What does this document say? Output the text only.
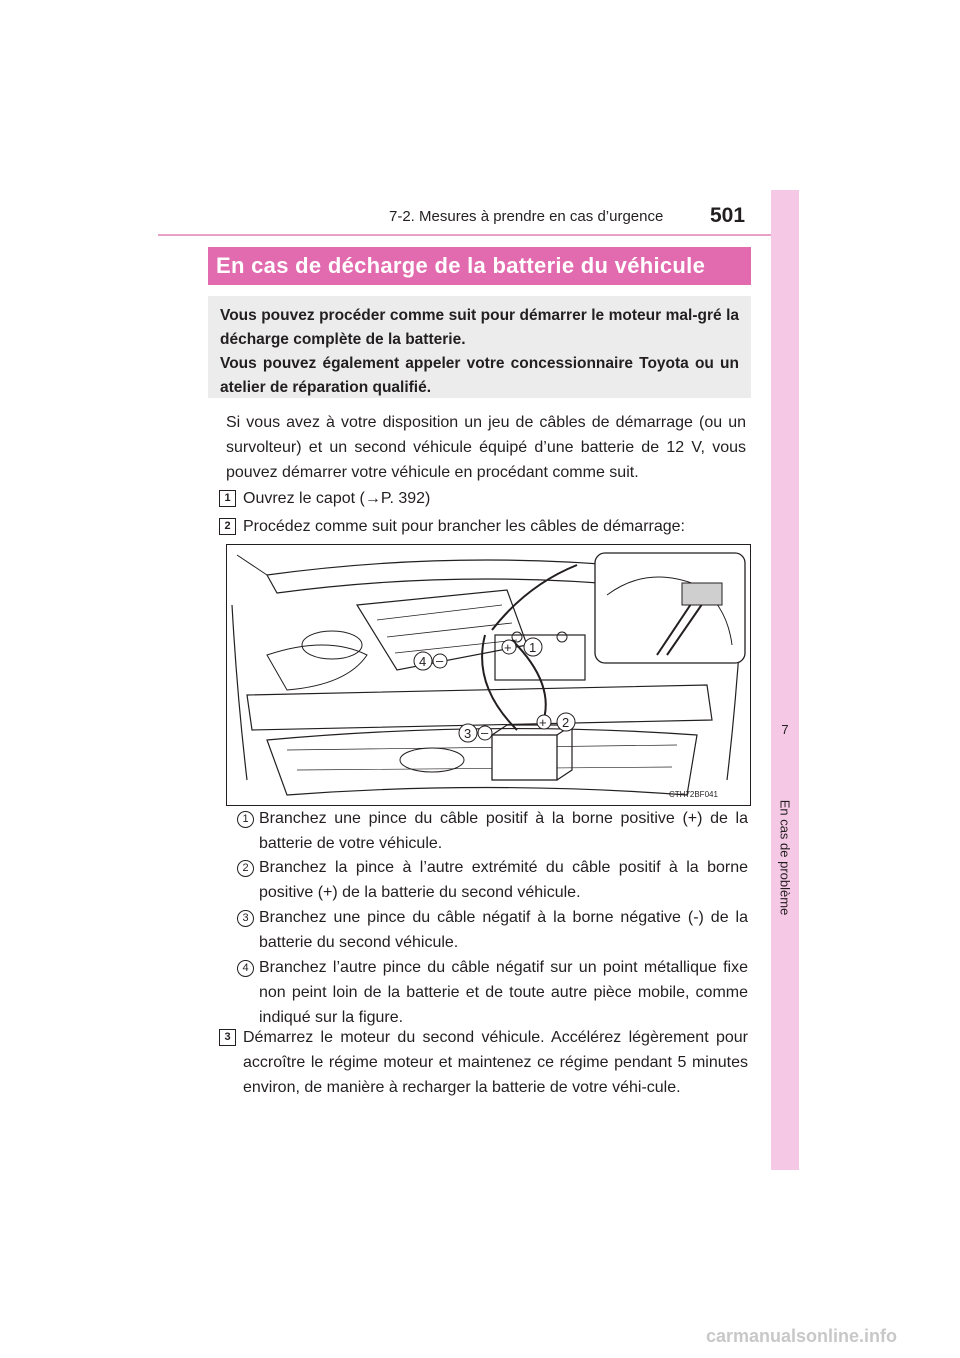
7-2. Mesures à prendre en cas d’urgence 501
7
En cas de problème
En cas de décharge de la batterie du véhicule

Vous pouvez procéder comme suit pour démarrer le moteur mal-gré la décharge complète de la batterie.

Vous pouvez également appeler votre concessionnaire Toyota ou un atelier de réparation qualifié.

Si vous avez à votre disposition un jeu de câbles de démarrage (ou un survolteur) et un second véhicule équipé d’une batterie de 12 V, vous pouvez démarrer votre véhicule en procédant comme suit.
1 Ouvrez le capot (→P. 392)
2 Procédez comme suit pour brancher les câbles de démarrage:
+ 1
–
4
+ 2
–
3
CTH72BF041
1 Branchez une pince du câble positif à la borne positive (+) de la batterie de votre véhicule.
2 Branchez la pince à l’autre extrémité du câble positif à la borne positive (+) de la batterie du second véhicule.
3 Branchez une pince du câble négatif à la borne négative (-) de la batterie du second véhicule.
4 Branchez l’autre pince du câble négatif sur un point métallique fixe non peint loin de la batterie et de toute autre pièce mobile, comme indiqué sur la figure.
3 Démarrez le moteur du second véhicule. Accélérez légèrement pour accroître le régime moteur et maintenez ce régime pendant 5 minutes environ, de manière à recharger la batterie de votre véhi-cule.
carmanualsonline.info
